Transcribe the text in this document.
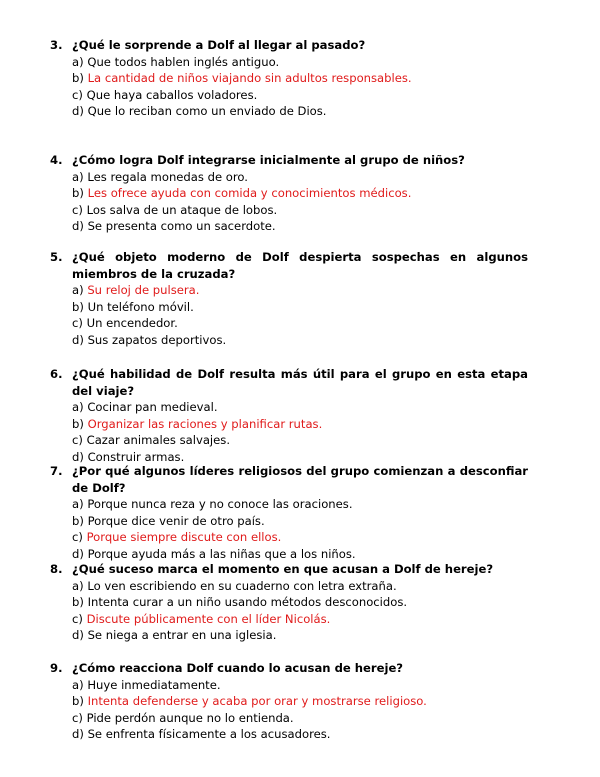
3. ¿Qué le sorprende a Dolf al llegar al pasado?
a) Que todos hablen inglés antiguo.
b) La cantidad de niños viajando sin adultos responsables.
c) Que haya caballos voladores.
d) Que lo reciban como un enviado de Dios.
4. ¿Cómo logra Dolf integrarse inicialmente al grupo de niños?
a) Les regala monedas de oro.
b) Les ofrece ayuda con comida y conocimientos médicos.
c) Los salva de un ataque de lobos.
d) Se presenta como un sacerdote.
5. ¿Qué objeto moderno de Dolf despierta sospechas en algunos miembros de la cruzada?
a) Su reloj de pulsera.
b) Un teléfono móvil.
c) Un encendedor.
d) Sus zapatos deportivos.
6. ¿Qué habilidad de Dolf resulta más útil para el grupo en esta etapa del viaje?
a) Cocinar pan medieval.
b) Organizar las raciones y planificar rutas.
c) Cazar animales salvajes.
d) Construir armas.
7. ¿Por qué algunos líderes religiosos del grupo comienzan a desconfiar de Dolf?
a) Porque nunca reza y no conoce las oraciones.
b) Porque dice venir de otro país.
c) Porque siempre discute con ellos.
d) Porque ayuda más a las niñas que a los niños.
8. ¿Qué suceso marca el momento en que acusan a Dolf de hereje?
a) Lo ven escribiendo en su cuaderno con letra extraña.
b) Intenta curar a un niño usando métodos desconocidos.
c) Discute públicamente con el líder Nicolás.
d) Se niega a entrar en una iglesia.
9. ¿Cómo reacciona Dolf cuando lo acusan de hereje?
a) Huye inmediatamente.
b) Intenta defenderse y acaba por orar y mostrarse religioso.
c) Pide perdón aunque no lo entienda.
d) Se enfrenta físicamente a los acusadores.
